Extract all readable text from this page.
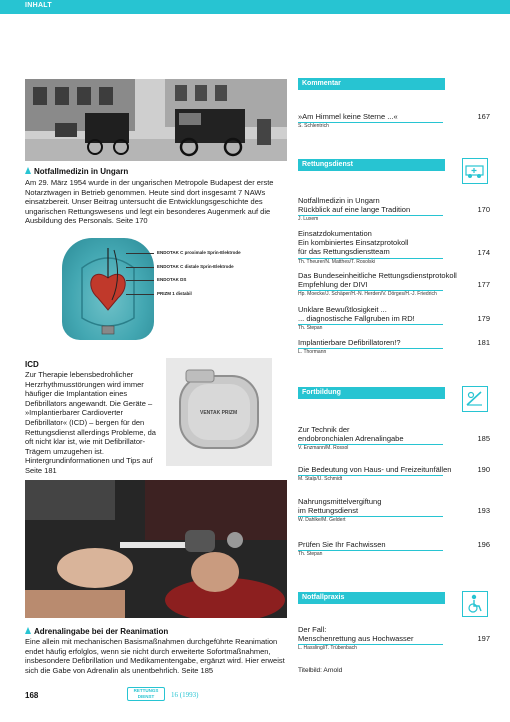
INHALT
Notfallmedizin in Ungarn
Am 29. März 1954 wurde in der ungarischen Metropole Budapest der erste Notarztwagen in Betrieb genommen. Heute sind dort insgesamt 7 NAWs einsatzbereit. Unser Beitrag untersucht die Entwicklungsgeschichte des ungarischen Rettungswesens und legt ein besonderes Augenmerk auf die Ausbildung des Personals. Seite 170
ENDOTAK C proximale Sprin-Elektrode
ENDOTAK C distale Sprin-Elektrode
ENDOTAK DS
PRIZM 1 distabil
ICD
Zur Therapie lebensbedrohlicher Herzrhythmusstörungen wird immer häufiger die Implantation eines Defibrillators angewandt. Die Geräte – »Implantierbarer Cardioverter Defibrillator« (ICD) – bergen für den Rettungsdienst allerdings Probleme, da oft nicht klar ist, wie mit Defibrillator-Trägern umzugehen ist. Hintergrundinformationen und Tips auf Seite 181
VENTAK PRIZM
Adrenalingabe bei der Reanimation
Eine allein mit mechanischen Basismaßnahmen durchgeführte Reanimation endet häufig erfolglos, wenn sie nicht durch erweiterte Sofortmaßnahmen, insbesondere Defibrillation und Medikamentengabe, ergänzt wird. Hier erweist sich die Gabe von Adrenalin als unentbehrlich. Seite 185
168
RETTUNGS DIENST	16 (1993)
Kommentar
»Am Himmel keine Sterne ...«	167
S. Schlentrich
Rettungsdienst
Notfallmedizin in Ungarn
Rückblick auf eine lange Tradition	170
J. Luxem
Einsatzdokumentation
Ein kombiniertes Einsatzprotokoll
für das Rettungsdienstteam	174
Th. Theurer/N. Matthes/T. Rosolski
Das Bundeseinheitliche Rettungsdienstprotokoll
Empfehlung der DIVI	177
Hp. Moecke/J. Schäper/H.-N. Herden/V. Dörges/H.-J. Friedrich
Unklare Bewußtlosigkeit ...
... diagnostische Fallgruben im RD!	179
Th. Stepan
Implantierbare Defibrillatoren!?	181
L. Thormann
Fortbildung
Zur Technik der
endobronchialen Adrenalingabe	185
V. Enzmann/M. Rossol
Die Bedeutung von Haus- und Freizeitunfällen	190
M. Stalp/U. Schmidt
Nahrungsmittelvergiftung
im Rettungsdienst	193
W. Dahlke/M. Geldert
Prüfen Sie Ihr Fachwissen	196
Th. Stepan
Notfallpraxis
Der Fall:
Menschenrettung aus Hochwasser	197
L. Hasslingl/T. Trübenbach
Titelbild: Arnold
